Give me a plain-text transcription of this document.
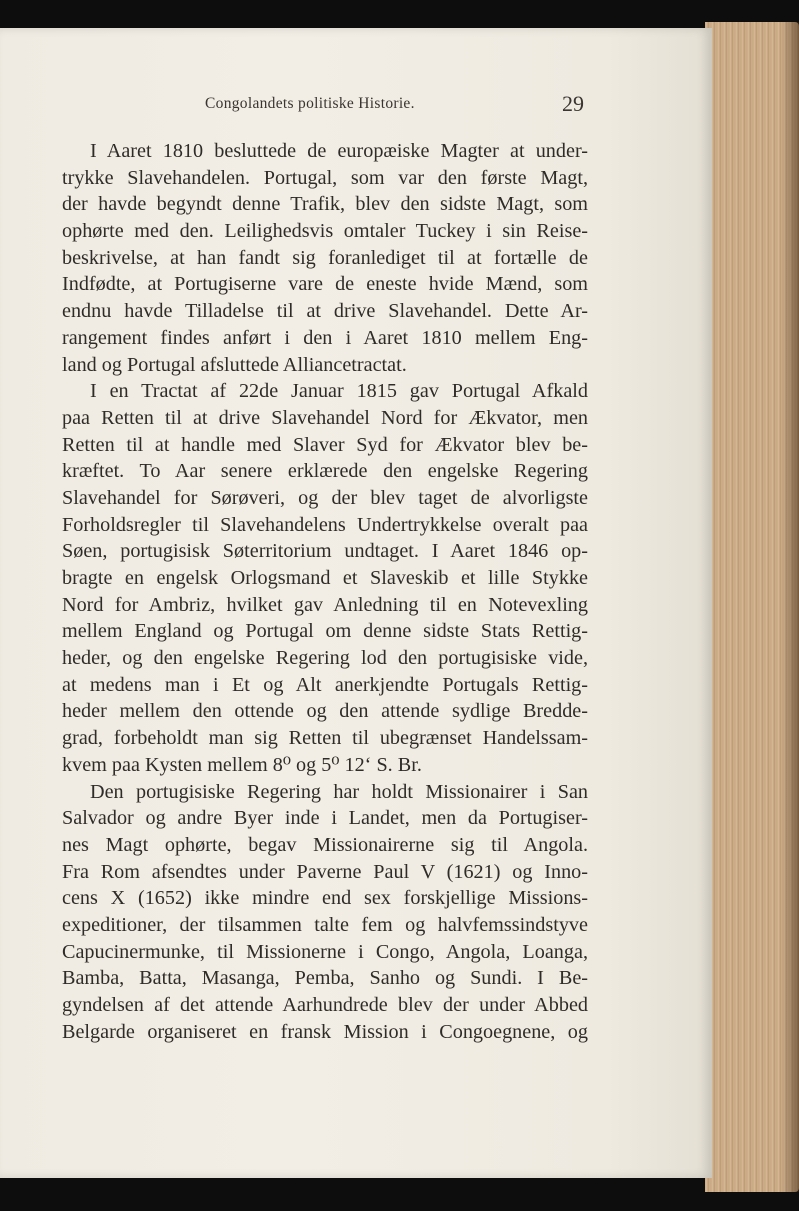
Congolandets politiske Historie.	29
I Aaret 1810 besluttede de europæiske Magter at under-
trykke Slavehandelen. Portugal, som var den første Magt,
der havde begyndt denne Trafik, blev den sidste Magt, som
ophørte med den. Leilighedsvis omtaler Tuckey i sin Reise-
beskrivelse, at han fandt sig foranlediget til at fortælle de
Indfødte, at Portugiserne vare de eneste hvide Mænd, som
endnu havde Tilladelse til at drive Slavehandel. Dette Ar-
rangement findes anført i den i Aaret 1810 mellem Eng-
land og Portugal afsluttede Alliancetractat.
I en Tractat af 22de Januar 1815 gav Portugal Afkald
paa Retten til at drive Slavehandel Nord for Ækvator, men
Retten til at handle med Slaver Syd for Ækvator blev be-
kræftet. To Aar senere erklærede den engelske Regering
Slavehandel for Sørøveri, og der blev taget de alvorligste
Forholdsregler til Slavehandelens Undertrykkelse overalt paa
Søen, portugisisk Søterritorium undtaget. I Aaret 1846 op-
bragte en engelsk Orlogsmand et Slaveskib et lille Stykke
Nord for Ambriz, hvilket gav Anledning til en Notevexling
mellem England og Portugal om denne sidste Stats Rettig-
heder, og den engelske Regering lod den portugisiske vide,
at medens man i Et og Alt anerkjendte Portugals Rettig-
heder mellem den ottende og den attende sydlige Bredde-
grad, forbeholdt man sig Retten til ubegrænset Handelssam-
kvem paa Kysten mellem 8⁰ og 5⁰ 12‘ S. Br.
Den portugisiske Regering har holdt Missionairer i San
Salvador og andre Byer inde i Landet, men da Portugiser-
nes Magt ophørte, begav Missionairerne sig til Angola.
Fra Rom afsendtes under Paverne Paul V (1621) og Inno-
cens X (1652) ikke mindre end sex forskjellige Missions-
expeditioner, der tilsammen talte fem og halvfemssindstyve
Capucinermunke, til Missionerne i Congo, Angola, Loanga,
Bamba, Batta, Masanga, Pemba, Sanho og Sundi. I Be-
gyndelsen af det attende Aarhundrede blev der under Abbed
Belgarde organiseret en fransk Mission i Congoegnene, og
